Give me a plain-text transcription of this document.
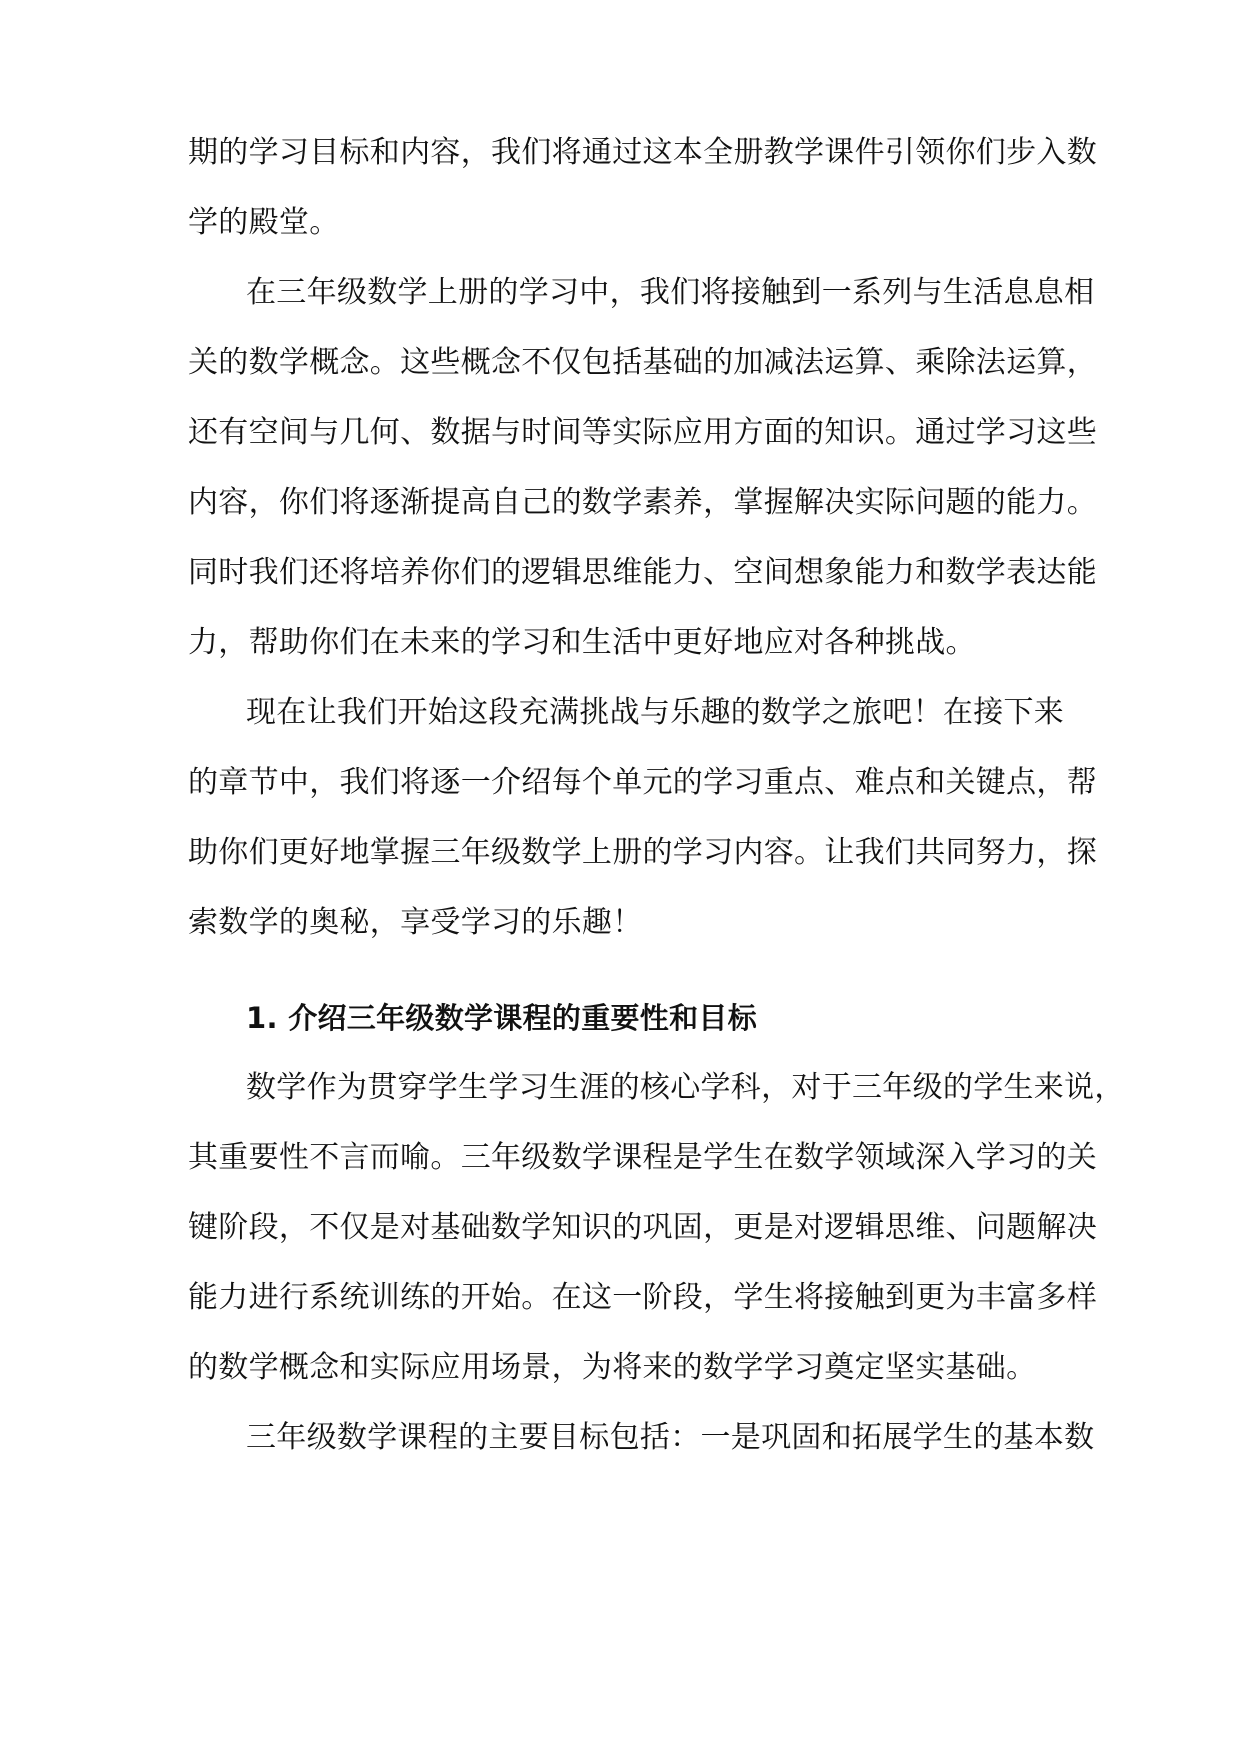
期的学习目标和内容，我们将通过这本全册教学课件引领你们步入数
学的殿堂。
在三年级数学上册的学习中，我们将接触到一系列与生活息息相
关的数学概念。这些概念不仅包括基础的加减法运算、乘除法运算，
还有空间与几何、数据与时间等实际应用方面的知识。通过学习这些
内容，你们将逐渐提高自己的数学素养，掌握解决实际问题的能力。
同时我们还将培养你们的逻辑思维能力、空间想象能力和数学表达能
力，帮助你们在未来的学习和生活中更好地应对各种挑战。
现在让我们开始这段充满挑战与乐趣的数学之旅吧！在接下来
的章节中，我们将逐一介绍每个单元的学习重点、难点和关键点，帮
助你们更好地掌握三年级数学上册的学习内容。让我们共同努力，探
索数学的奥秘，享受学习的乐趣！
1. 介绍三年级数学课程的重要性和目标
数学作为贯穿学生学习生涯的核心学科，对于三年级的学生来说，
其重要性不言而喻。三年级数学课程是学生在数学领域深入学习的关
键阶段，不仅是对基础数学知识的巩固，更是对逻辑思维、问题解决
能力进行系统训练的开始。在这一阶段，学生将接触到更为丰富多样
的数学概念和实际应用场景，为将来的数学学习奠定坚实基础。
三年级数学课程的主要目标包括：一是巩固和拓展学生的基本数
